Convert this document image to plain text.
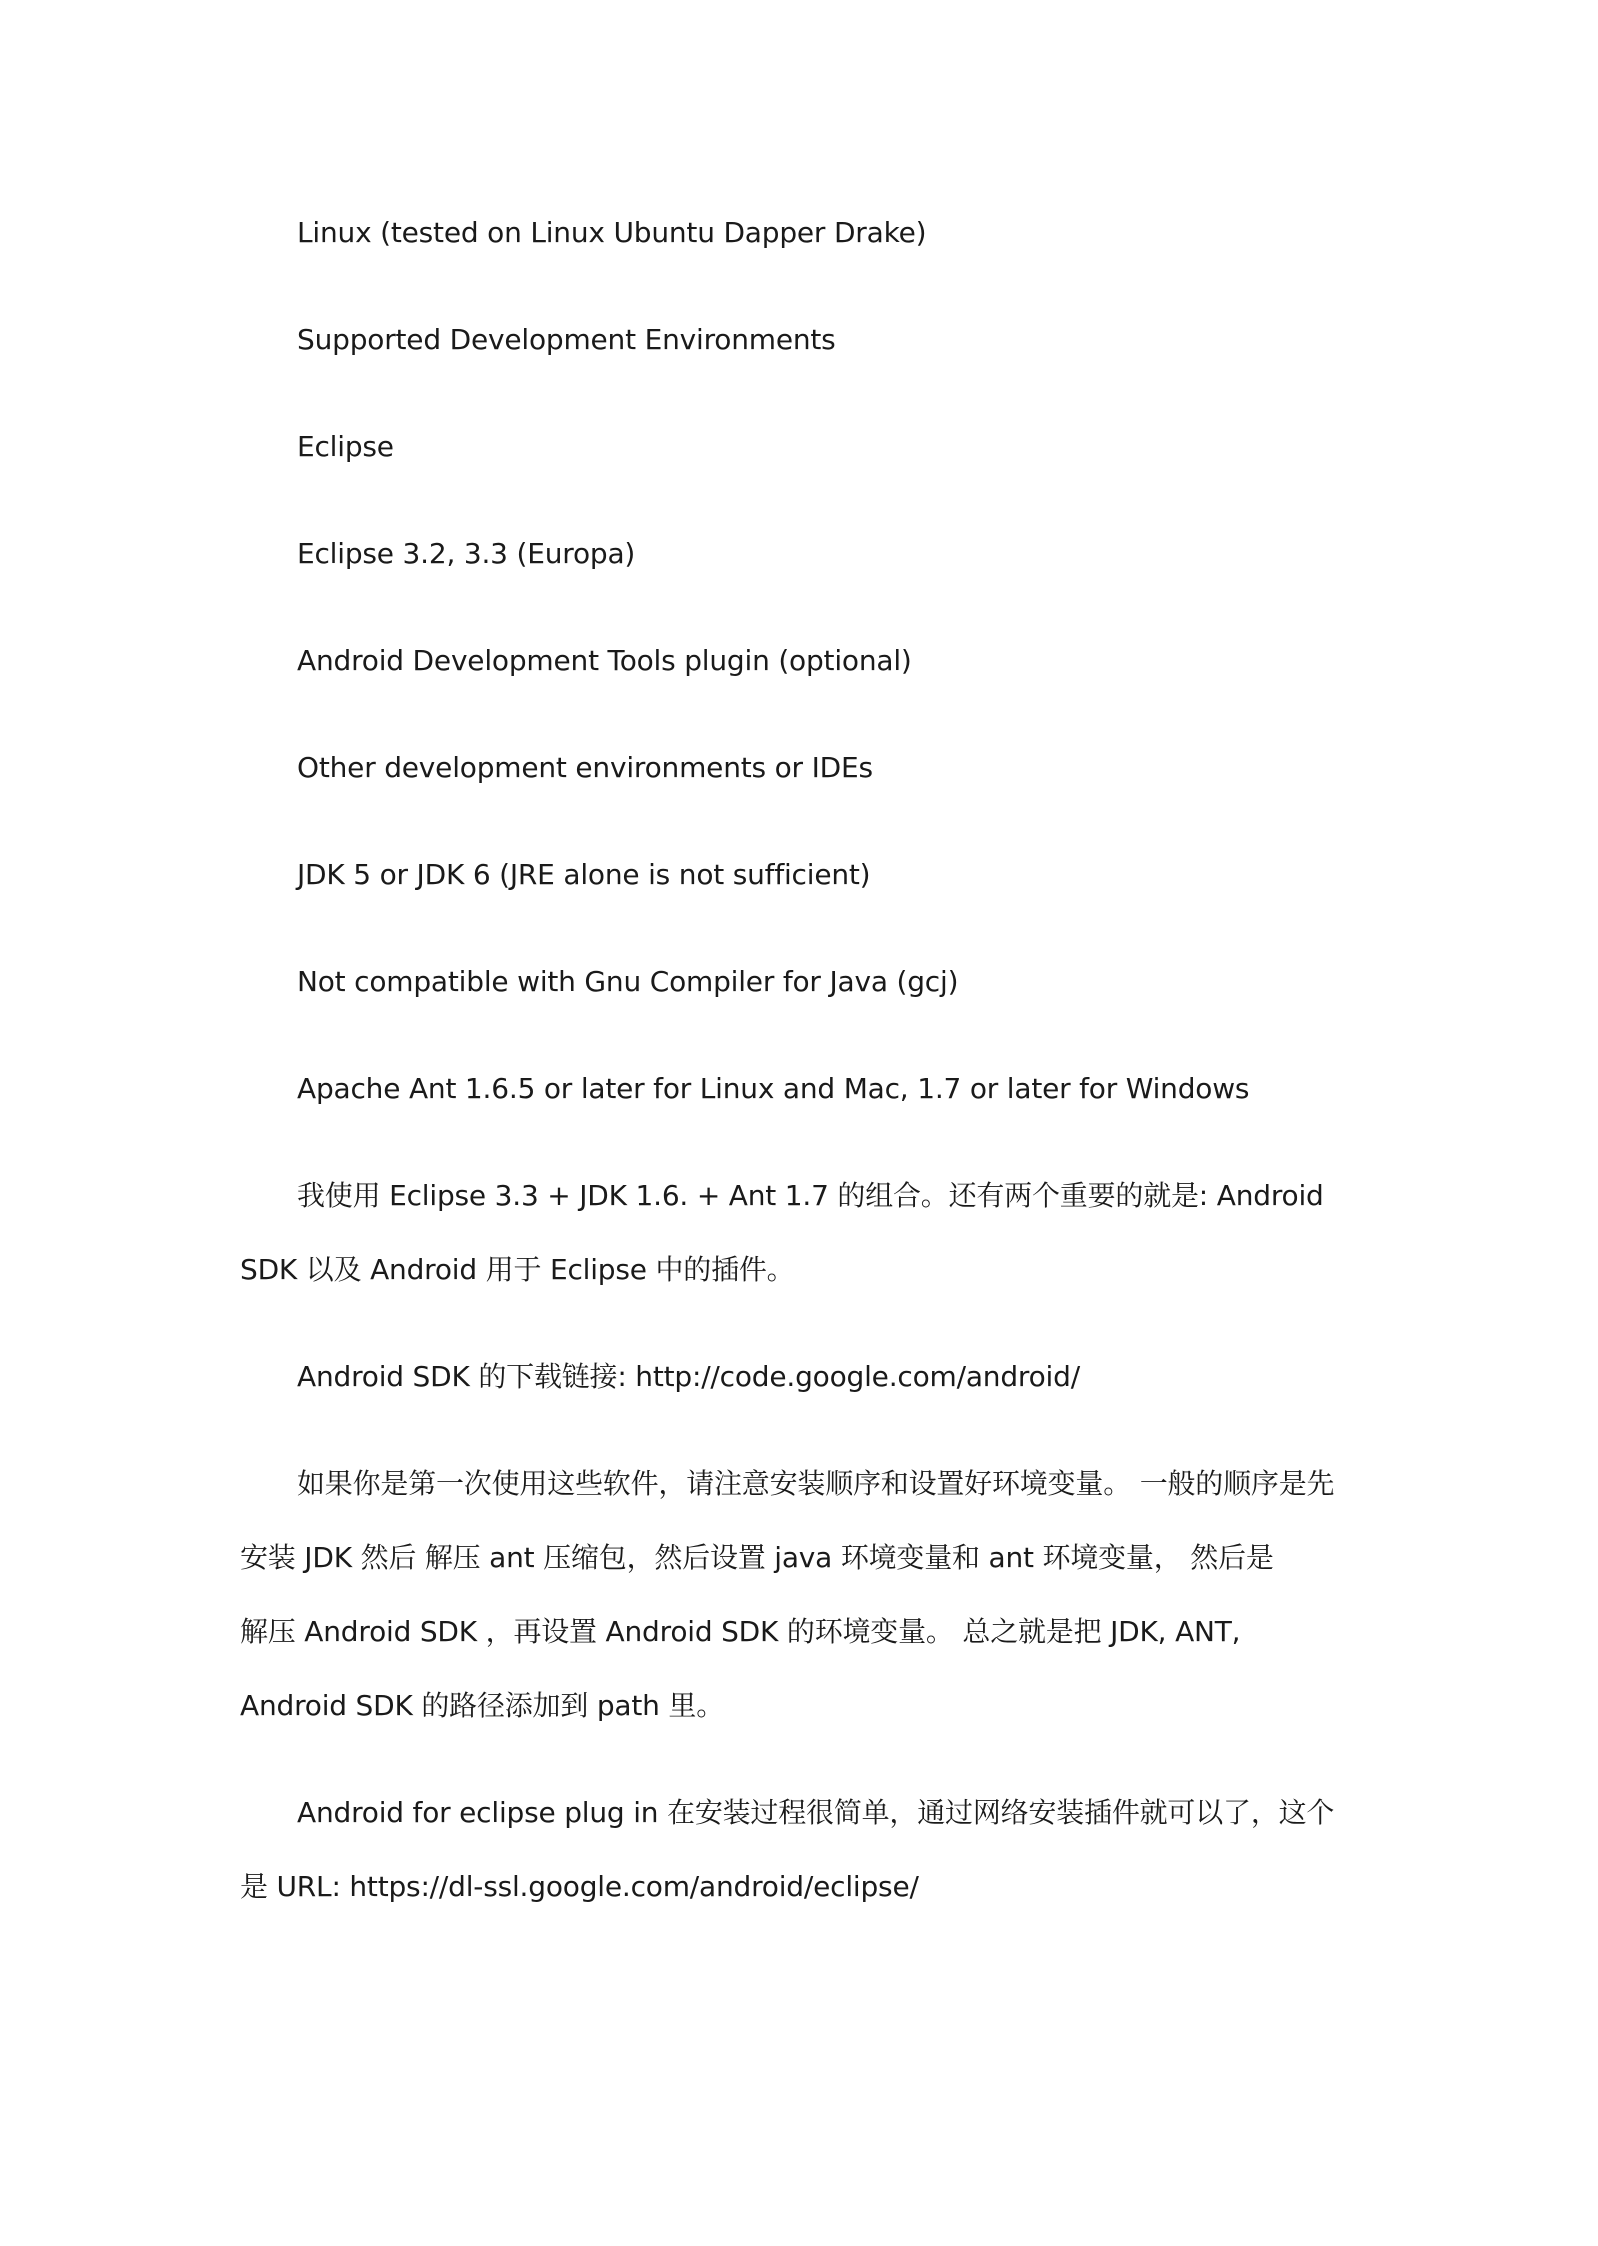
Linux (tested on Linux Ubuntu Dapper Drake)
Supported Development Environments
Eclipse
Eclipse 3.2, 3.3 (Europa)
Android Development Tools plugin (optional)
Other development environments or IDEs
JDK 5 or JDK 6 (JRE alone is not sufficient)
Not compatible with Gnu Compiler for Java (gcj)
Apache Ant 1.6.5 or later for Linux and Mac, 1.7 or later for Windows
我使用 Eclipse 3.3 + JDK 1.6. + Ant 1.7 的组合。还有两个重要的就是: Android
SDK 以及 Android 用于 Eclipse 中的插件。
Android SDK 的下载链接: http://code.google.com/android/
如果你是第一次使用这些软件，请注意安装顺序和设置好环境变量。 一般的顺序是先
安装 JDK 然后 解压 ant 压缩包，然后设置 java 环境变量和 ant 环境变量， 然后是
解压 Android SDK ，再设置 Android SDK 的环境变量。 总之就是把 JDK, ANT,
Android SDK 的路径添加到 path 里。
Android for eclipse plug in 在安装过程很简单，通过网络安装插件就可以了，这个
是 URL: https://dl-ssl.google.com/android/eclipse/
